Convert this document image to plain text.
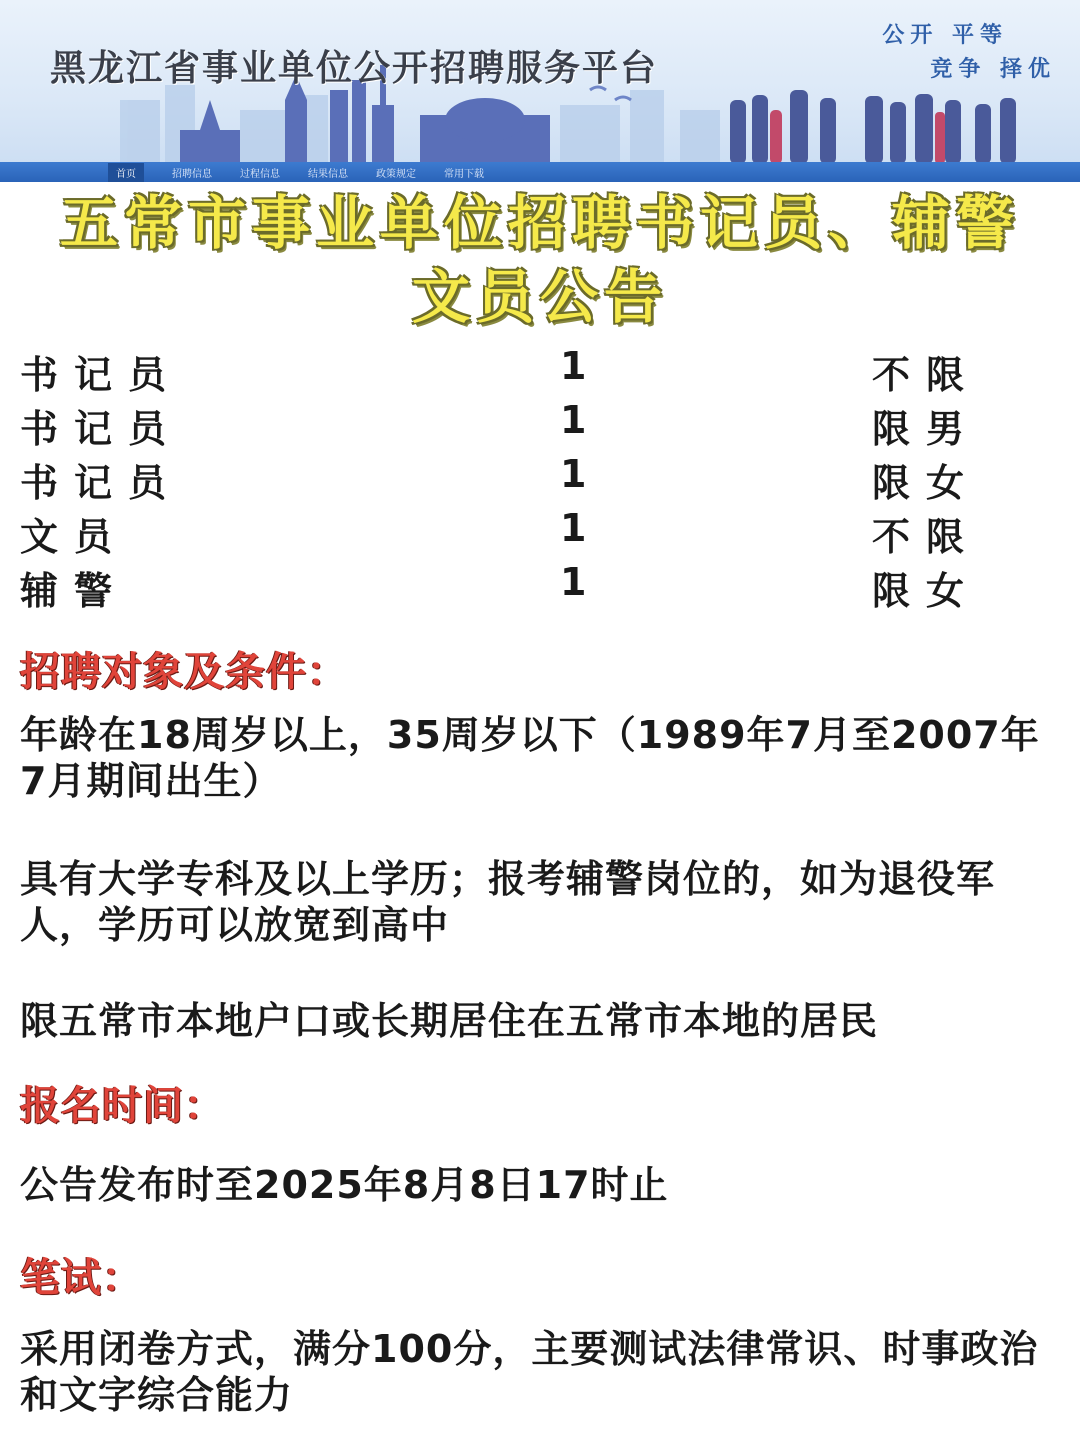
黑龙江省事业单位公开招聘服务平台
公开 平等
竞争 择优
首页	招聘信息	过程信息	结果信息	政策规定	常用下载
五常市事业单位招聘书记员、辅警
文员公告
书记员	1	不限
书记员	1	限男
书记员	1	限女
文员	1	不限
辅警	1	限女
招聘对象及条件：
年龄在18周岁以上，35周岁以下（1989年7月至2007年7月期间出生）
具有大学专科及以上学历；报考辅警岗位的，如为退役军人，学历可以放宽到高中
限五常市本地户口或长期居住在五常市本地的居民
报名时间：
公告发布时至2025年8月8日17时止
笔试：
采用闭卷方式，满分100分，主要测试法律常识、时事政治和文字综合能力
